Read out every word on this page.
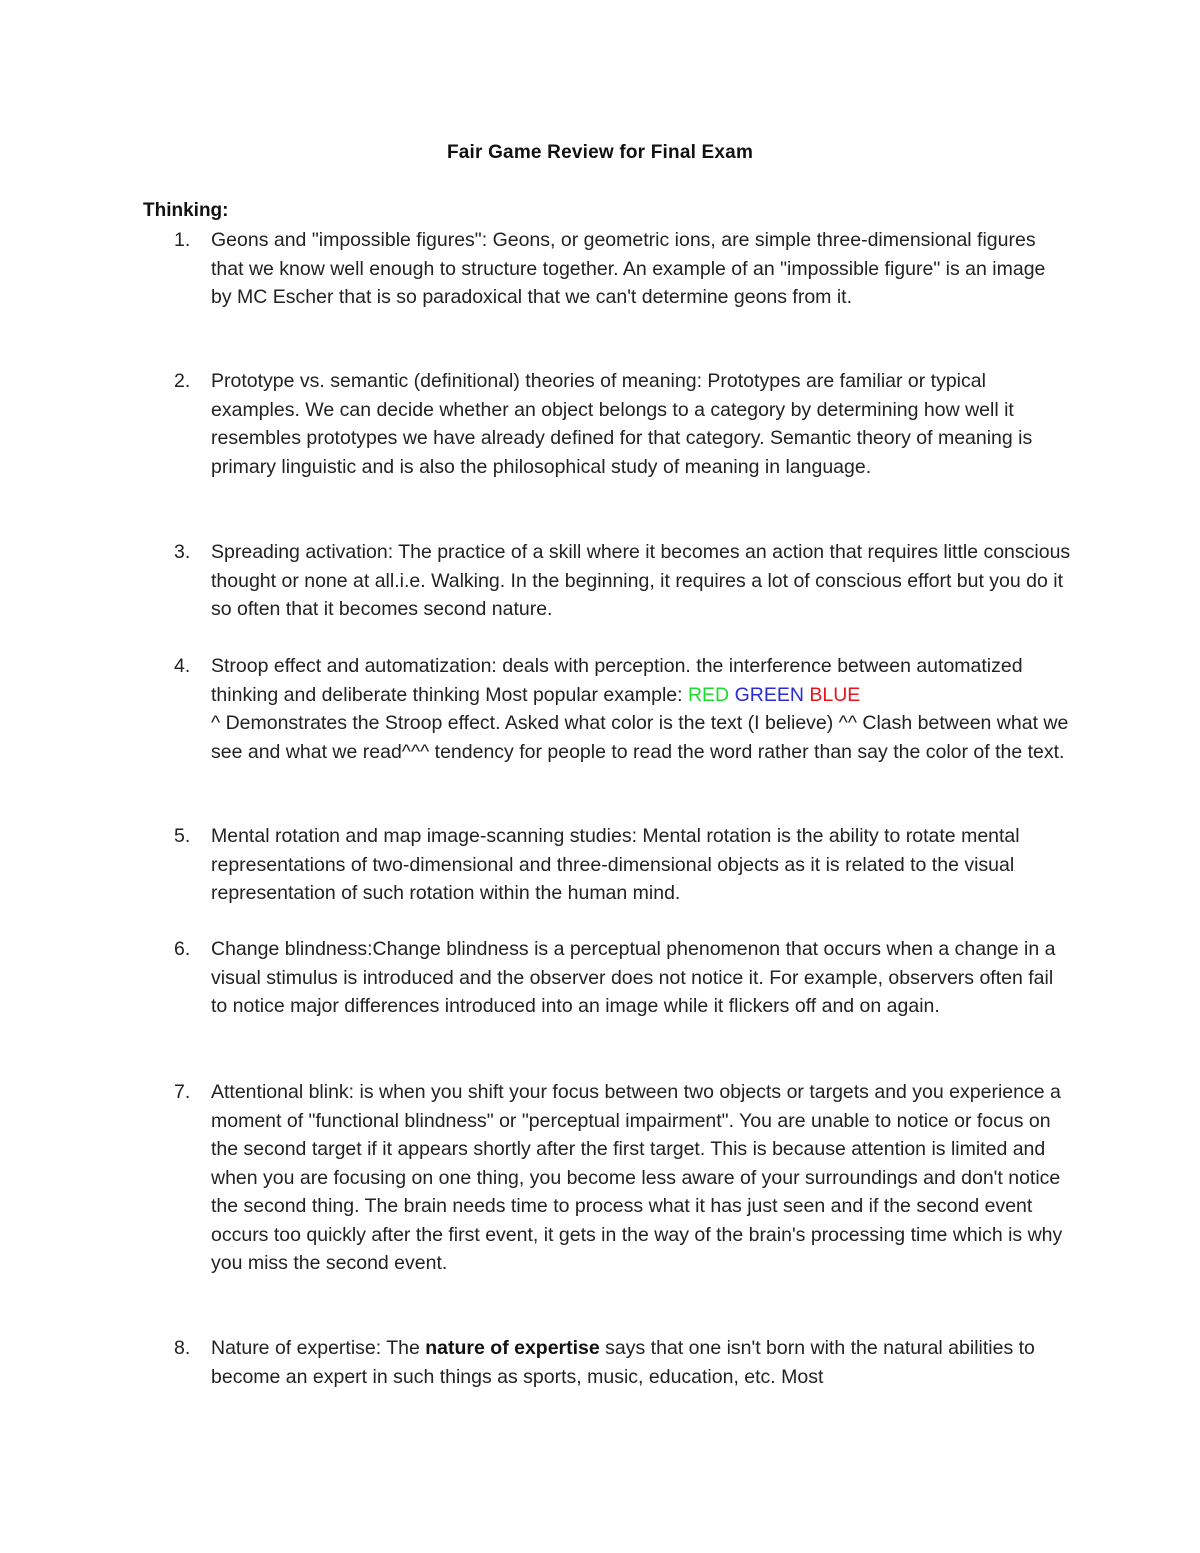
Fair Game Review for Final Exam
Thinking:
1.	Geons and "impossible figures": Geons, or geometric ions, are simple three-dimensional figures that we know well enough to structure together. An example of an "impossible figure" is an image by MC Escher that is so paradoxical that we can't determine geons from it.
2.	Prototype vs. semantic (definitional) theories of meaning: Prototypes are familiar or typical examples. We can decide whether an object belongs to a category by determining how well it resembles prototypes we have already defined for that category. Semantic theory of meaning is primary linguistic and is also the philosophical study of meaning in language.
3.	Spreading activation: The practice of a skill where it becomes an action that requires little conscious thought or none at all.i.e. Walking. In the beginning, it requires a lot of conscious effort but you do it so often that it becomes second nature.
4.	Stroop effect and automatization: deals with perception. the interference between automatized thinking and deliberate thinking Most popular example: RED GREEN BLUE
^ Demonstrates the Stroop effect. Asked what color is the text (I believe) ^^ Clash between what we see and what we read^^^ tendency for people to read the word rather than say the color of the text.
5.	Mental rotation and map image-scanning studies: Mental rotation is the ability to rotate mental representations of two-dimensional and three-dimensional objects as it is related to the visual representation of such rotation within the human mind.
6.	Change blindness:Change blindness is a perceptual phenomenon that occurs when a change in a visual stimulus is introduced and the observer does not notice it. For example, observers often fail to notice major differences introduced into an image while it flickers off and on again.
7.	Attentional blink: is when you shift your focus between two objects or targets and you experience a moment of "functional blindness" or "perceptual impairment". You are unable to notice or focus on the second target if it appears shortly after the first target. This is because attention is limited and when you are focusing on one thing, you become less aware of your surroundings and don't notice the second thing. The brain needs time to process what it has just seen and if the second event occurs too quickly after the first event, it gets in the way of the brain's processing time which is why you miss the second event.
8.	Nature of expertise: The nature of expertise says that one isn't born with the natural abilities to become an expert in such things as sports, music, education, etc. Most
